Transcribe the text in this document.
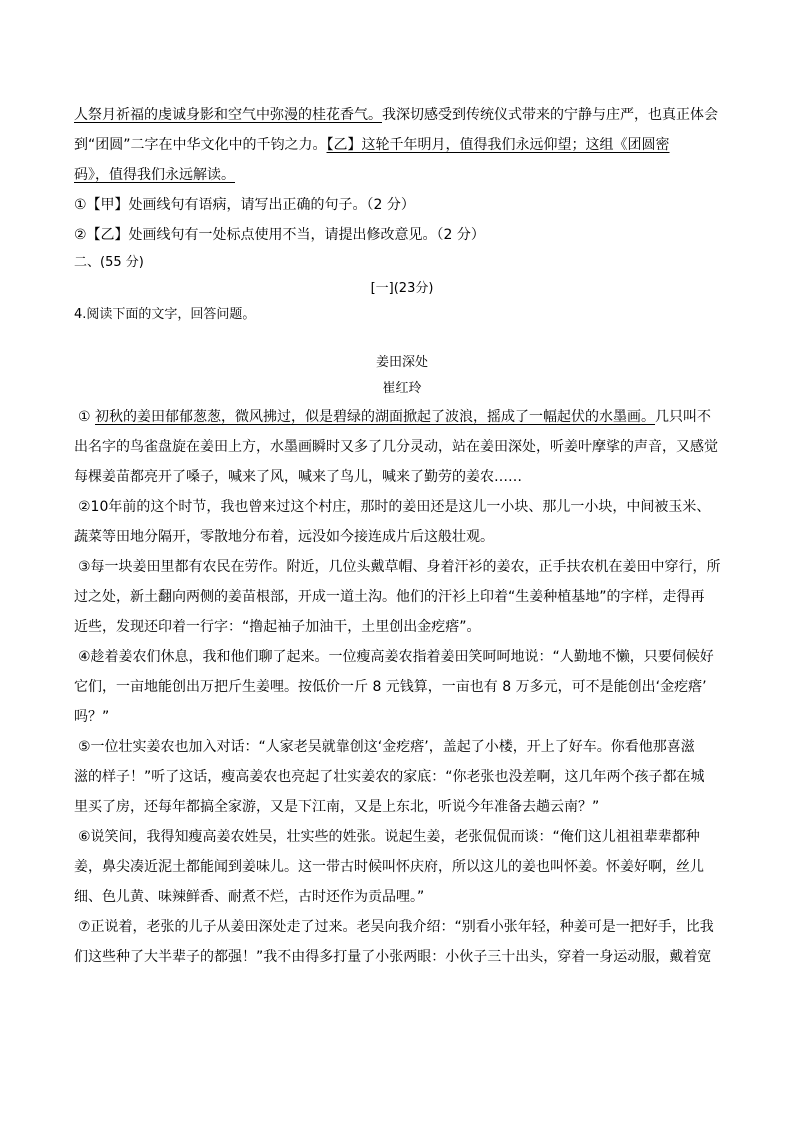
人祭月祈福的虔诚身影和空气中弥漫的桂花香气。我深切感受到传统仪式带来的宁静与庄严，也真正体会
到“团圆”二字在中华文化中的千钧之力。【乙】这轮千年明月，值得我们永远仰望；这组《团圆密
码》，值得我们永远解读。
①【甲】处画线句有语病，请写出正确的句子。（2 分）
②【乙】处画线句有一处标点使用不当，请提出修改意见。（2 分）
二、(55 分)
[一](23分)
4.阅读下面的文字，回答问题。
姜田深处
崔红玲
① 初秋的姜田郁郁葱葱，微风拂过，似是碧绿的湖面掀起了波浪，摇成了一幅起伏的水墨画。几只叫不
出名字的鸟雀盘旋在姜田上方，水墨画瞬时又多了几分灵动，站在姜田深处，听姜叶摩挲的声音，又感觉
每棵姜苗都亮开了嗓子，喊来了风，喊来了鸟儿，喊来了勤劳的姜农……
②10年前的这个时节，我也曾来过这个村庄，那时的姜田还是这儿一小块、那儿一小块，中间被玉米、
蔬菜等田地分隔开，零散地分布着，远没如今接连成片后这般壮观。
③每一块姜田里都有农民在劳作。附近，几位头戴草帽、身着汗衫的姜农，正手扶农机在姜田中穿行，所
过之处，新土翻向两侧的姜苗根部，开成一道土沟。他们的汗衫上印着“生姜种植基地”的字样，走得再
近些，发现还印着一行字：“撸起袖子加油干，土里创出金疙瘩”。
④趁着姜农们休息，我和他们聊了起来。一位瘦高姜农指着姜田笑呵呵地说：“人勤地不懒，只要伺候好
它们，一亩地能创出万把斤生姜哩。按低价一斤 8 元钱算，一亩也有 8 万多元，可不是能创出‘金疙瘩’
吗？”
⑤一位壮实姜农也加入对话：“人家老吴就靠创这‘金疙瘩’，盖起了小楼，开上了好车。你看他那喜滋
滋的样子！”听了这话，瘦高姜农也亮起了壮实姜农的家底：“你老张也没差啊，这几年两个孩子都在城
里买了房，还每年都搞全家游，又是下江南，又是上东北，听说今年准备去趟云南？”
⑥说笑间，我得知瘦高姜农姓吴，壮实些的姓张。说起生姜，老张侃侃而谈：“俺们这儿祖祖辈辈都种
姜，鼻尖凑近泥土都能闻到姜味儿。这一带古时候叫怀庆府，所以这儿的姜也叫怀姜。怀姜好啊，丝儿
细、色儿黄、味辣鲜香、耐煮不烂，古时还作为贡品哩。”
⑦正说着，老张的儿子从姜田深处走了过来。老吴向我介绍：“别看小张年轻，种姜可是一把好手，比我
们这些种了大半辈子的都强！”我不由得多打量了小张两眼：小伙子三十出头，穿着一身运动服，戴着宽
